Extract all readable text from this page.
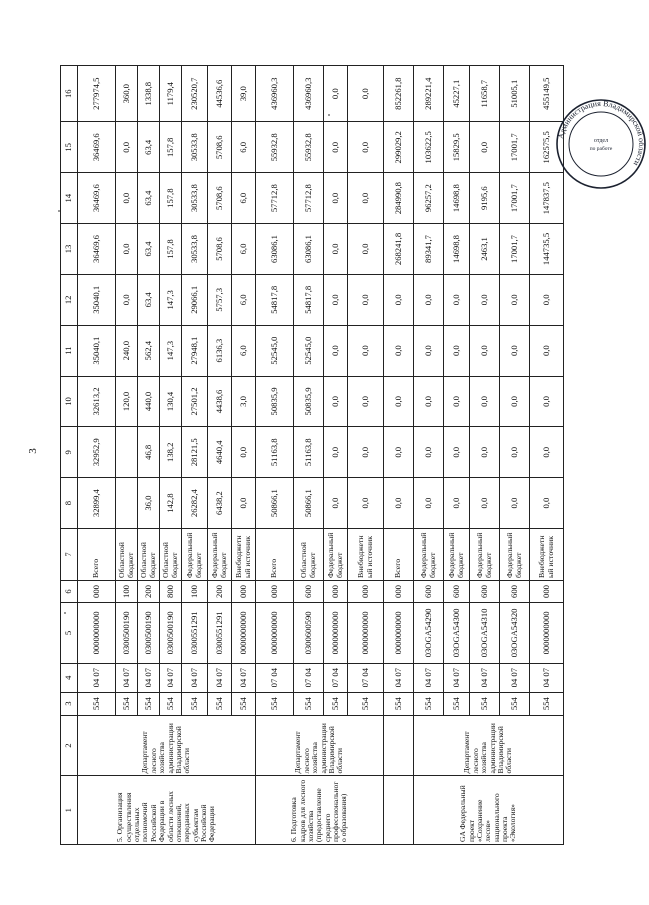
1	2	3	4	5	6	7	8	9	10	11	12	13	14	15	16
5. Организация осуществления отдельных полномочий Российской Федерации в области лесных отношений, переданных субъектам Российской Федерации	Департамент лесного хозяйства администрации Владимирской области	554	04 07	0000000000	000	Всего	32899,4	32952,9	32613,2	35040,1	35040,1	36469,6	36469,6	36469,6	277974,5
		554	04 07	0300500190	100	Областной бюджет			120,0	240,0	0,0	0,0	0,0	0,0	360,0
		554	04 07	0300500190	200	Областной бюджет	36,0	46,8	440,0	562,4	63,4	63,4	63,4	63,4	1338,8
		554	04 07	0300500190	800	Областной бюджет	142,8	138,2	130,4	147,3	147,3	157,8	157,8	157,8	1179,4
		554	04 07	0300551291	100	Федеральный бюджет	26282,4	28121,5	27501,2	27948,1	29066,1	30533,8	30533,8	30533,8	230520,7
		554	04 07	0300551291	200	Федеральный бюджет	6438,2	4640,4	4438,6	6136,3	5757,3	5708,6	5708,6	5708,6	44536,6
		554	04 07	0000000000	000	Внебюджетный источник	0,0	0,0	3,0	6,0	6,0	6,0	6,0	6,0	39,0
6. Подготовка кадров для лесного хозяйства (предоставление среднего профессионального образования)	Департамент лесного хозяйства администрации Владимирской области	554	07 04	0000000000	000	Всего	50866,1	51163,8	50835,9	52545,0	54817,8	63086,1	57712,8	55932,8	436960,3
		554	07 04	0300600590	600	Областной бюджет	50866,1	51163,8	50835,9	52545,0	54817,8	63086,1	57712,8	55932,8	436960,3
		554	07 04	0000000000	000	Федеральный бюджет	0,0	0,0	0,0	0,0	0,0	0,0	0,0	0,0	0,0
		554	07 04	0000000000	000	Внебюджетный источник	0,0	0,0	0,0	0,0	0,0	0,0	0,0	0,0	0,0
		554	04 07	0000000000	000	Всего	0,0	0,0	0,0	0,0	0,0	268241,8	284990,8	299029,2	852261,8
GA Федеральный проект «Сохранение лесов» национального проекта «Экология»	Департамент лесного хозяйства администрации Владимирской области	554	04 07	03ОGA54290	600	Федеральный бюджет	0,0	0,0	0,0	0,0	0,0	89341,7	96257,2	103622,5	289221,4
		554	04 07	03ОGA54300	600	Федеральный бюджет	0,0	0,0	0,0	0,0	0,0	14698,8	14698,8	15829,5	45227,1
		554	04 07	03ОGA54310	600	Федеральный бюджет	0,0	0,0	0,0	0,0	0,0	2463,1	9195,6	0,0	11658,7
		554	04 07	03ОGA54320	600	Федеральный бюджет	0,0	0,0	0,0	0,0	0,0	17001,7	17001,7	17001,7	51005,1
		554	04 07	0000000000	000	Внебюджетный источник	0,0	0,0	0,0	0,0	0,0	144735,5	147837,5	162575,5	455149,5
3
Администрация Владимирской области
отдел
по работе
